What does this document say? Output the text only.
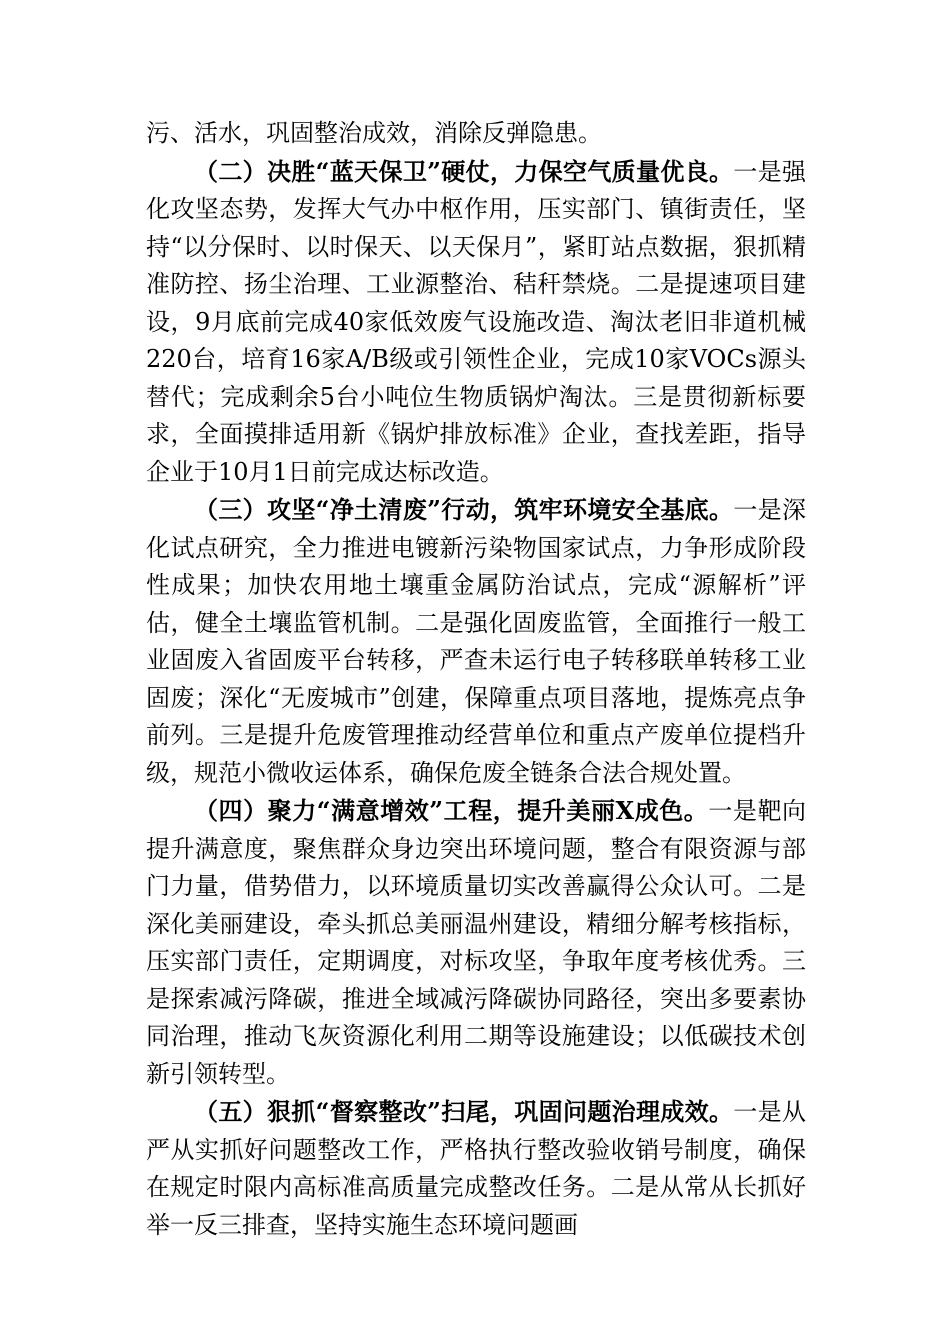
污、活水，巩固整治成效，消除反弹隐患。

（二）决胜“蓝天保卫”硬仗，力保空气质量优良。一是强化攻坚态势，发挥大气办中枢作用，压实部门、镇街责任，坚持“以分保时、以时保天、以天保月”，紧盯站点数据，狠抓精准防控、扬尘治理、工业源整治、秸秆禁烧。二是提速项目建设，9月底前完成40家低效废气设施改造、淘汰老旧非道机械220台，培育16家A/B级或引领性企业，完成10家VOCs源头替代；完成剩余5台小吨位生物质锅炉淘汰。三是贯彻新标要求，全面摸排适用新《锅炉排放标准》企业，查找差距，指导企业于10月1日前完成达标改造。

（三）攻坚“净土清废”行动，筑牢环境安全基底。一是深化试点研究，全力推进电镀新污染物国家试点，力争形成阶段性成果；加快农用地土壤重金属防治试点，完成“源解析”评估，健全土壤监管机制。二是强化固废监管，全面推行一般工业固废入省固废平台转移，严查未运行电子转移联单转移工业固废；深化“无废城市”创建，保障重点项目落地，提炼亮点争前列。三是提升危废管理推动经营单位和重点产废单位提档升级，规范小微收运体系，确保危废全链条合法合规处置。

（四）聚力“满意增效”工程，提升美丽X成色。一是靶向提升满意度，聚焦群众身边突出环境问题，整合有限资源与部门力量，借势借力，以环境质量切实改善赢得公众认可。二是深化美丽建设，牵头抓总美丽温州建设，精细分解考核指标，压实部门责任，定期调度，对标攻坚，争取年度考核优秀。三是探索减污降碳，推进全域减污降碳协同路径，突出多要素协同治理，推动飞灰资源化利用二期等设施建设；以低碳技术创新引领转型。

（五）狠抓“督察整改”扫尾，巩固问题治理成效。一是从严从实抓好问题整改工作，严格执行整改验收销号制度，确保在规定时限内高标准高质量完成整改任务。二是从常从长抓好举一反三排查，坚持实施生态环境问题画
